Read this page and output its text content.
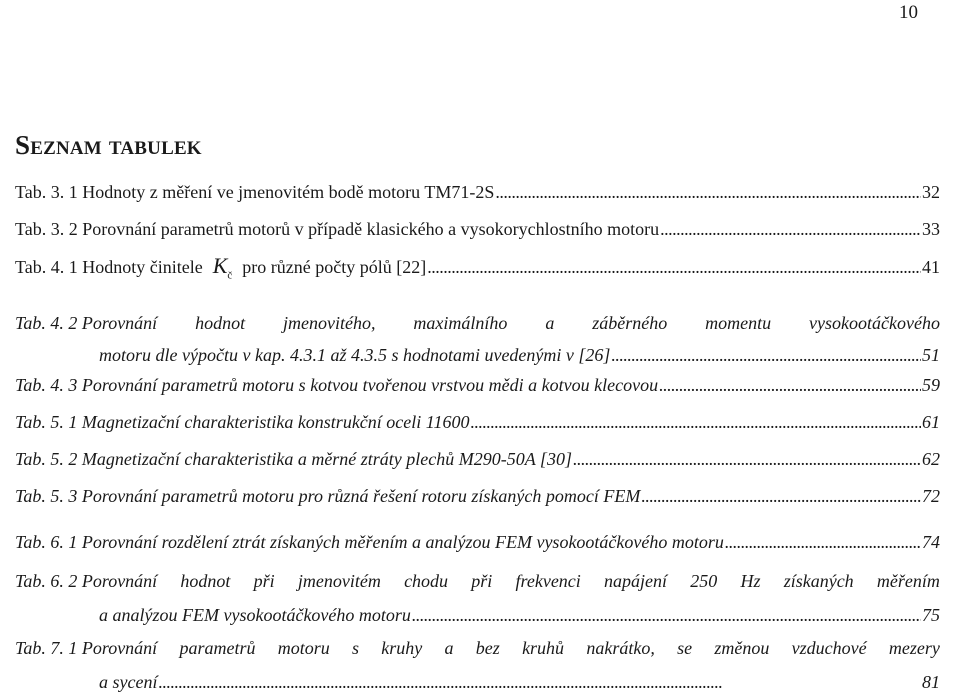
10
Seznam tabulek
Tab. 3. 1 Hodnoty z měření ve jmenovitém bodě motoru TM71-2S . . .	32
Tab. 3. 2 Porovnání parametrů motorů v případě klasického a vysokorychlostního motoru . . .	33
Tab. 4. 1 Hodnoty činitele $K_č$ pro různé počty pólů [22] . . .	41
Tab. 4. 2 Porovnání hodnot jmenovitého, maximálního a záběrného momentu vysokootáčkového
motoru dle výpočtu v kap. 4.3.1 až 4.3.5 s hodnotami uvedenými v [26] . . .	51
Tab. 4. 3 Porovnání parametrů motoru s kotvou tvořenou vrstvou mědi a kotvou klecovou . . .	59
Tab. 5. 1 Magnetizační charakteristika konstrukční oceli 11600 . . .	61
Tab. 5. 2 Magnetizační charakteristika a měrné ztráty plechů M290-50A [30] . . .	62
Tab. 5. 3 Porovnání parametrů motoru pro různá řešení rotoru získaných pomocí FEM . . .	72
Tab. 6. 1 Porovnání rozdělení ztrát získaných měřením a analýzou FEM vysokootáčkového motoru . . .	74
Tab. 6. 2 Porovnání hodnot při jmenovitém chodu při frekvenci napájení 250 Hz získaných měřením
a analýzou FEM vysokootáčkového motoru . . .	75
Tab. 7. 1 Porovnání parametrů motoru s kruhy a bez kruhů nakrátko, se změnou vzduchové mezery
a sycení . . .	81
